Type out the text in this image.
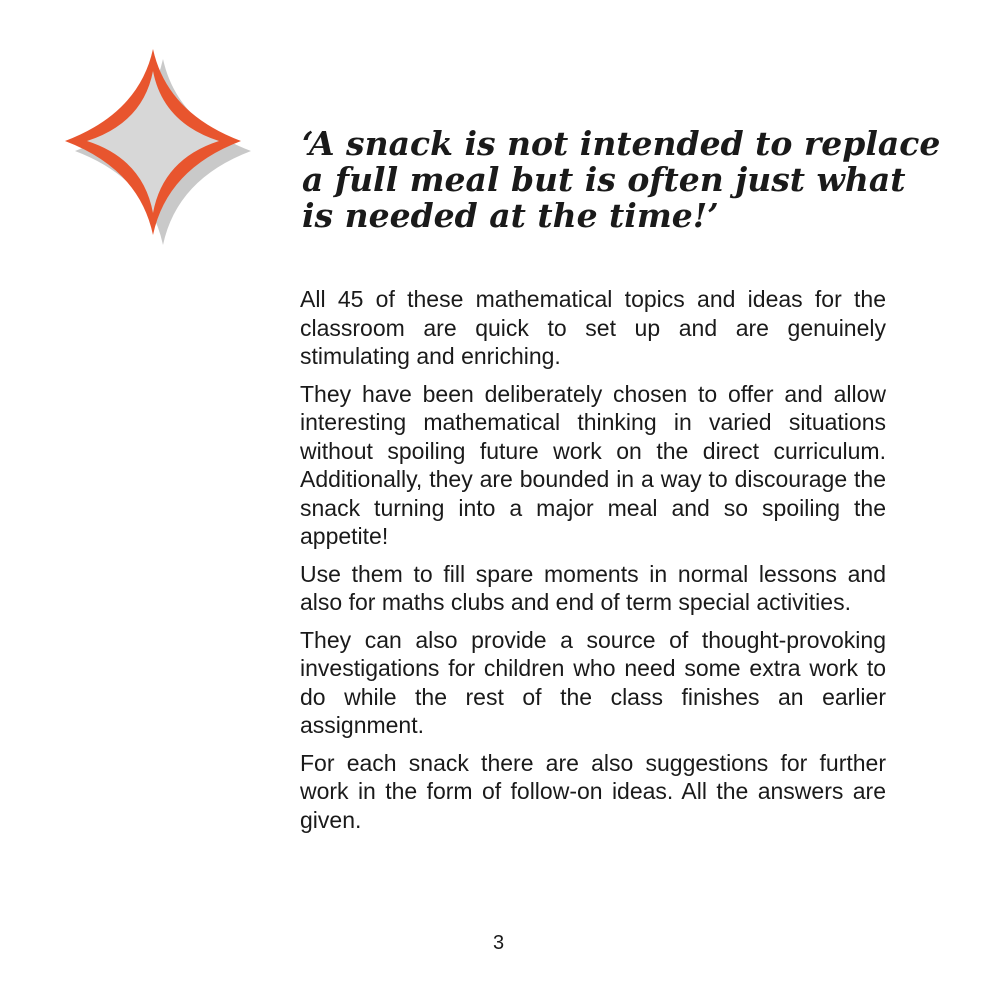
‘A snack is not intended to replace
a full meal but is often just what
is needed at the time!’

All 45 of these mathematical topics and ideas for the classroom are quick to set up and are genuinely stimulating and enriching.

They have been deliberately chosen to offer and allow interesting mathematical thinking in varied situations without spoiling future work on the direct curriculum. Additionally, they are bounded in a way to discourage the snack turning into a major meal and so spoiling the appetite!

Use them to fill spare moments in normal lessons and also for maths clubs and end of term special activities.

They can also provide a source of thought-provoking investigations for children who need some extra work to do while the rest of the class finishes an earlier assignment.

For each snack there are also suggestions for further work in the form of follow-on ideas. All the answers are given.

3
